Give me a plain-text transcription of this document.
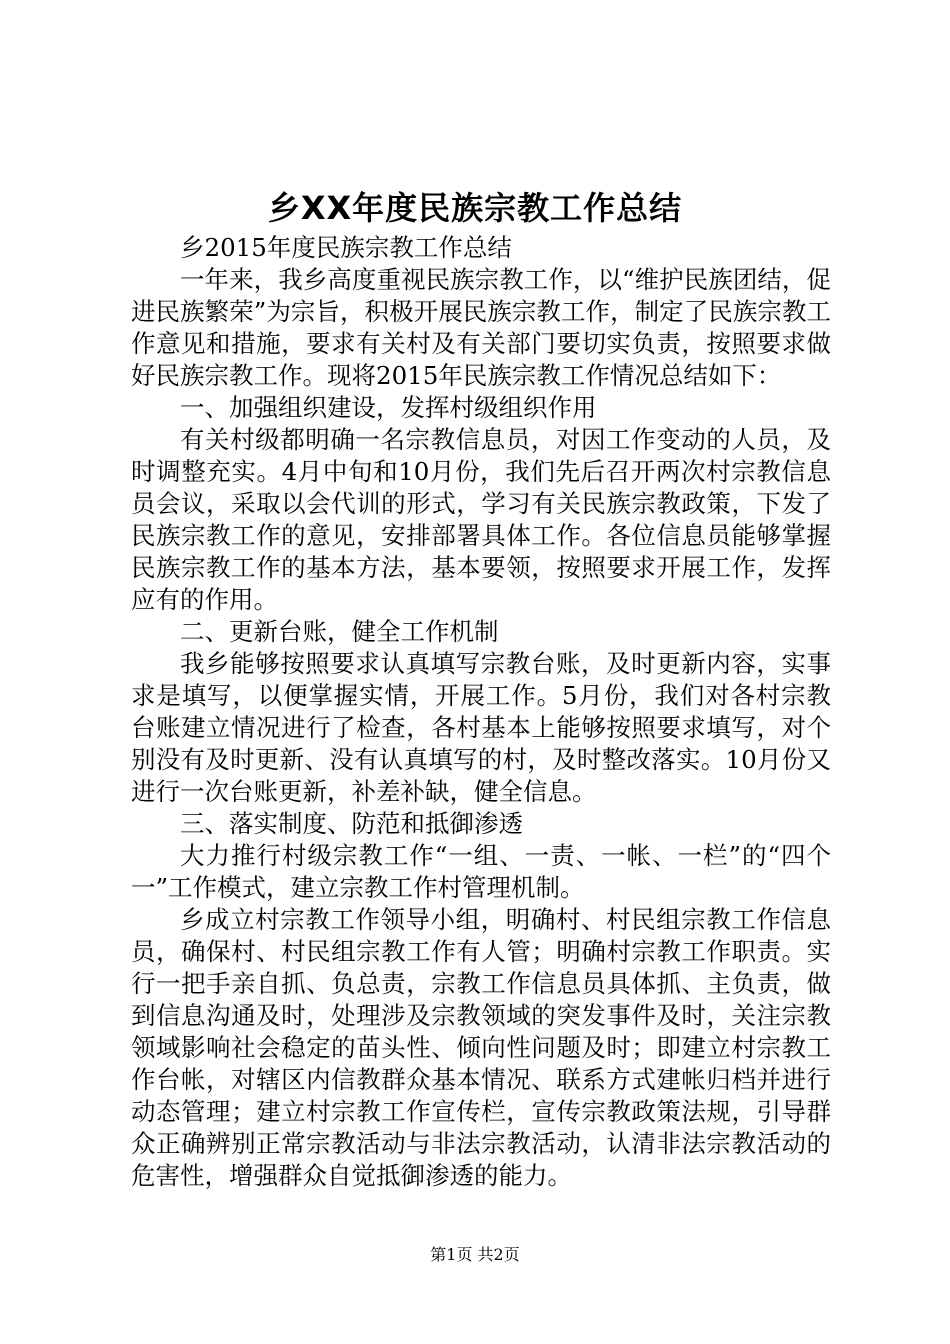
乡XX年度民族宗教工作总结

乡2015年度民族宗教工作总结

一年来，我乡高度重视民族宗教工作，以“维护民族团结，促进民族繁荣”为宗旨，积极开展民族宗教工作，制定了民族宗教工作意见和措施，要求有关村及有关部门要切实负责，按照要求做好民族宗教工作。现将2015年民族宗教工作情况总结如下：

一、加强组织建设，发挥村级组织作用

有关村级都明确一名宗教信息员，对因工作变动的人员，及时调整充实。4月中旬和10月份，我们先后召开两次村宗教信息员会议，采取以会代训的形式，学习有关民族宗教政策，下发了民族宗教工作的意见，安排部署具体工作。各位信息员能够掌握民族宗教工作的基本方法，基本要领，按照要求开展工作，发挥应有的作用。

二、更新台账，健全工作机制

我乡能够按照要求认真填写宗教台账，及时更新内容，实事求是填写，以便掌握实情，开展工作。5月份，我们对各村宗教台账建立情况进行了检查，各村基本上能够按照要求填写，对个别没有及时更新、没有认真填写的村，及时整改落实。10月份又进行一次台账更新，补差补缺，健全信息。

三、落实制度、防范和抵御渗透

大力推行村级宗教工作“一组、一责、一帐、一栏”的“四个一”工作模式，建立宗教工作村管理机制。

乡成立村宗教工作领导小组，明确村、村民组宗教工作信息员，确保村、村民组宗教工作有人管；明确村宗教工作职责。实行一把手亲自抓、负总责，宗教工作信息员具体抓、主负责，做到信息沟通及时，处理涉及宗教领域的突发事件及时，关注宗教领域影响社会稳定的苗头性、倾向性问题及时；即建立村宗教工作台帐，对辖区内信教群众基本情况、联系方式建帐归档并进行动态管理；建立村宗教工作宣传栏，宣传宗教政策法规，引导群众正确辨别正常宗教活动与非法宗教活动，认清非法宗教活动的危害性，增强群众自觉抵御渗透的能力。

第1页 共2页
